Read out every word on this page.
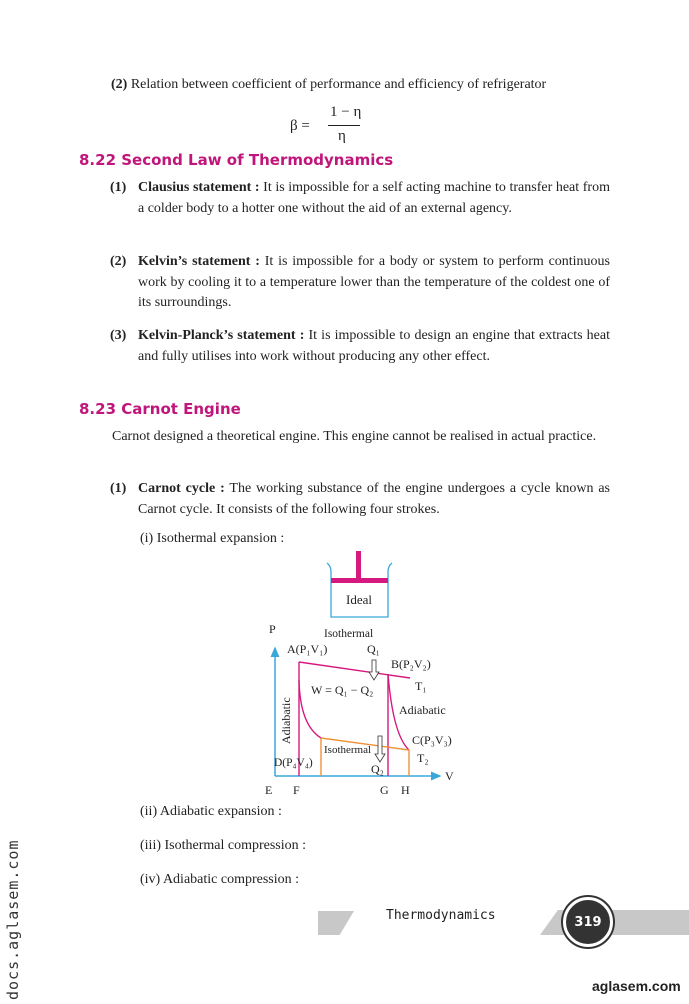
(2) Relation between coefficient of performance and efficiency of refrigerator
β =
1 − η
η
8.22 Second Law of Thermodynamics
(1) Clausius statement : It is impossible for a self acting machine to transfer heat from a colder body to a hotter one without the aid of an external agency.
(2) Kelvin’s statement : It is impossible for a body or system to perform continuous work by cooling it to a temperature lower than the temperature of the coldest one of its surroundings.
(3) Kelvin-Planck’s statement : It is impossible to design an engine that extracts heat and fully utilises into work without producing any other effect.
8.23 Carnot Engine
Carnot designed a theoretical engine. This engine cannot be realised in actual practice.
(1) Carnot cycle : The working substance of the engine undergoes a cycle known as Carnot cycle. It consists of the following four strokes.
(i) Isothermal expansion :
Ideal
P
V
Isothermal
A(P₁V₁)	Q₁
B(P₂V₂)
T₁
W = Q₁ − Q₂
Adiabatic
C(P₃V₃)
T₂
Adiabatic
D(P₄V₄)
Isothermal
Q₂
E F	G H
(ii) Adiabatic expansion :
(iii) Isothermal compression :
(iv) Adiabatic compression :
Thermodynamics	319
aglasem.com
docs.aglasem.com
